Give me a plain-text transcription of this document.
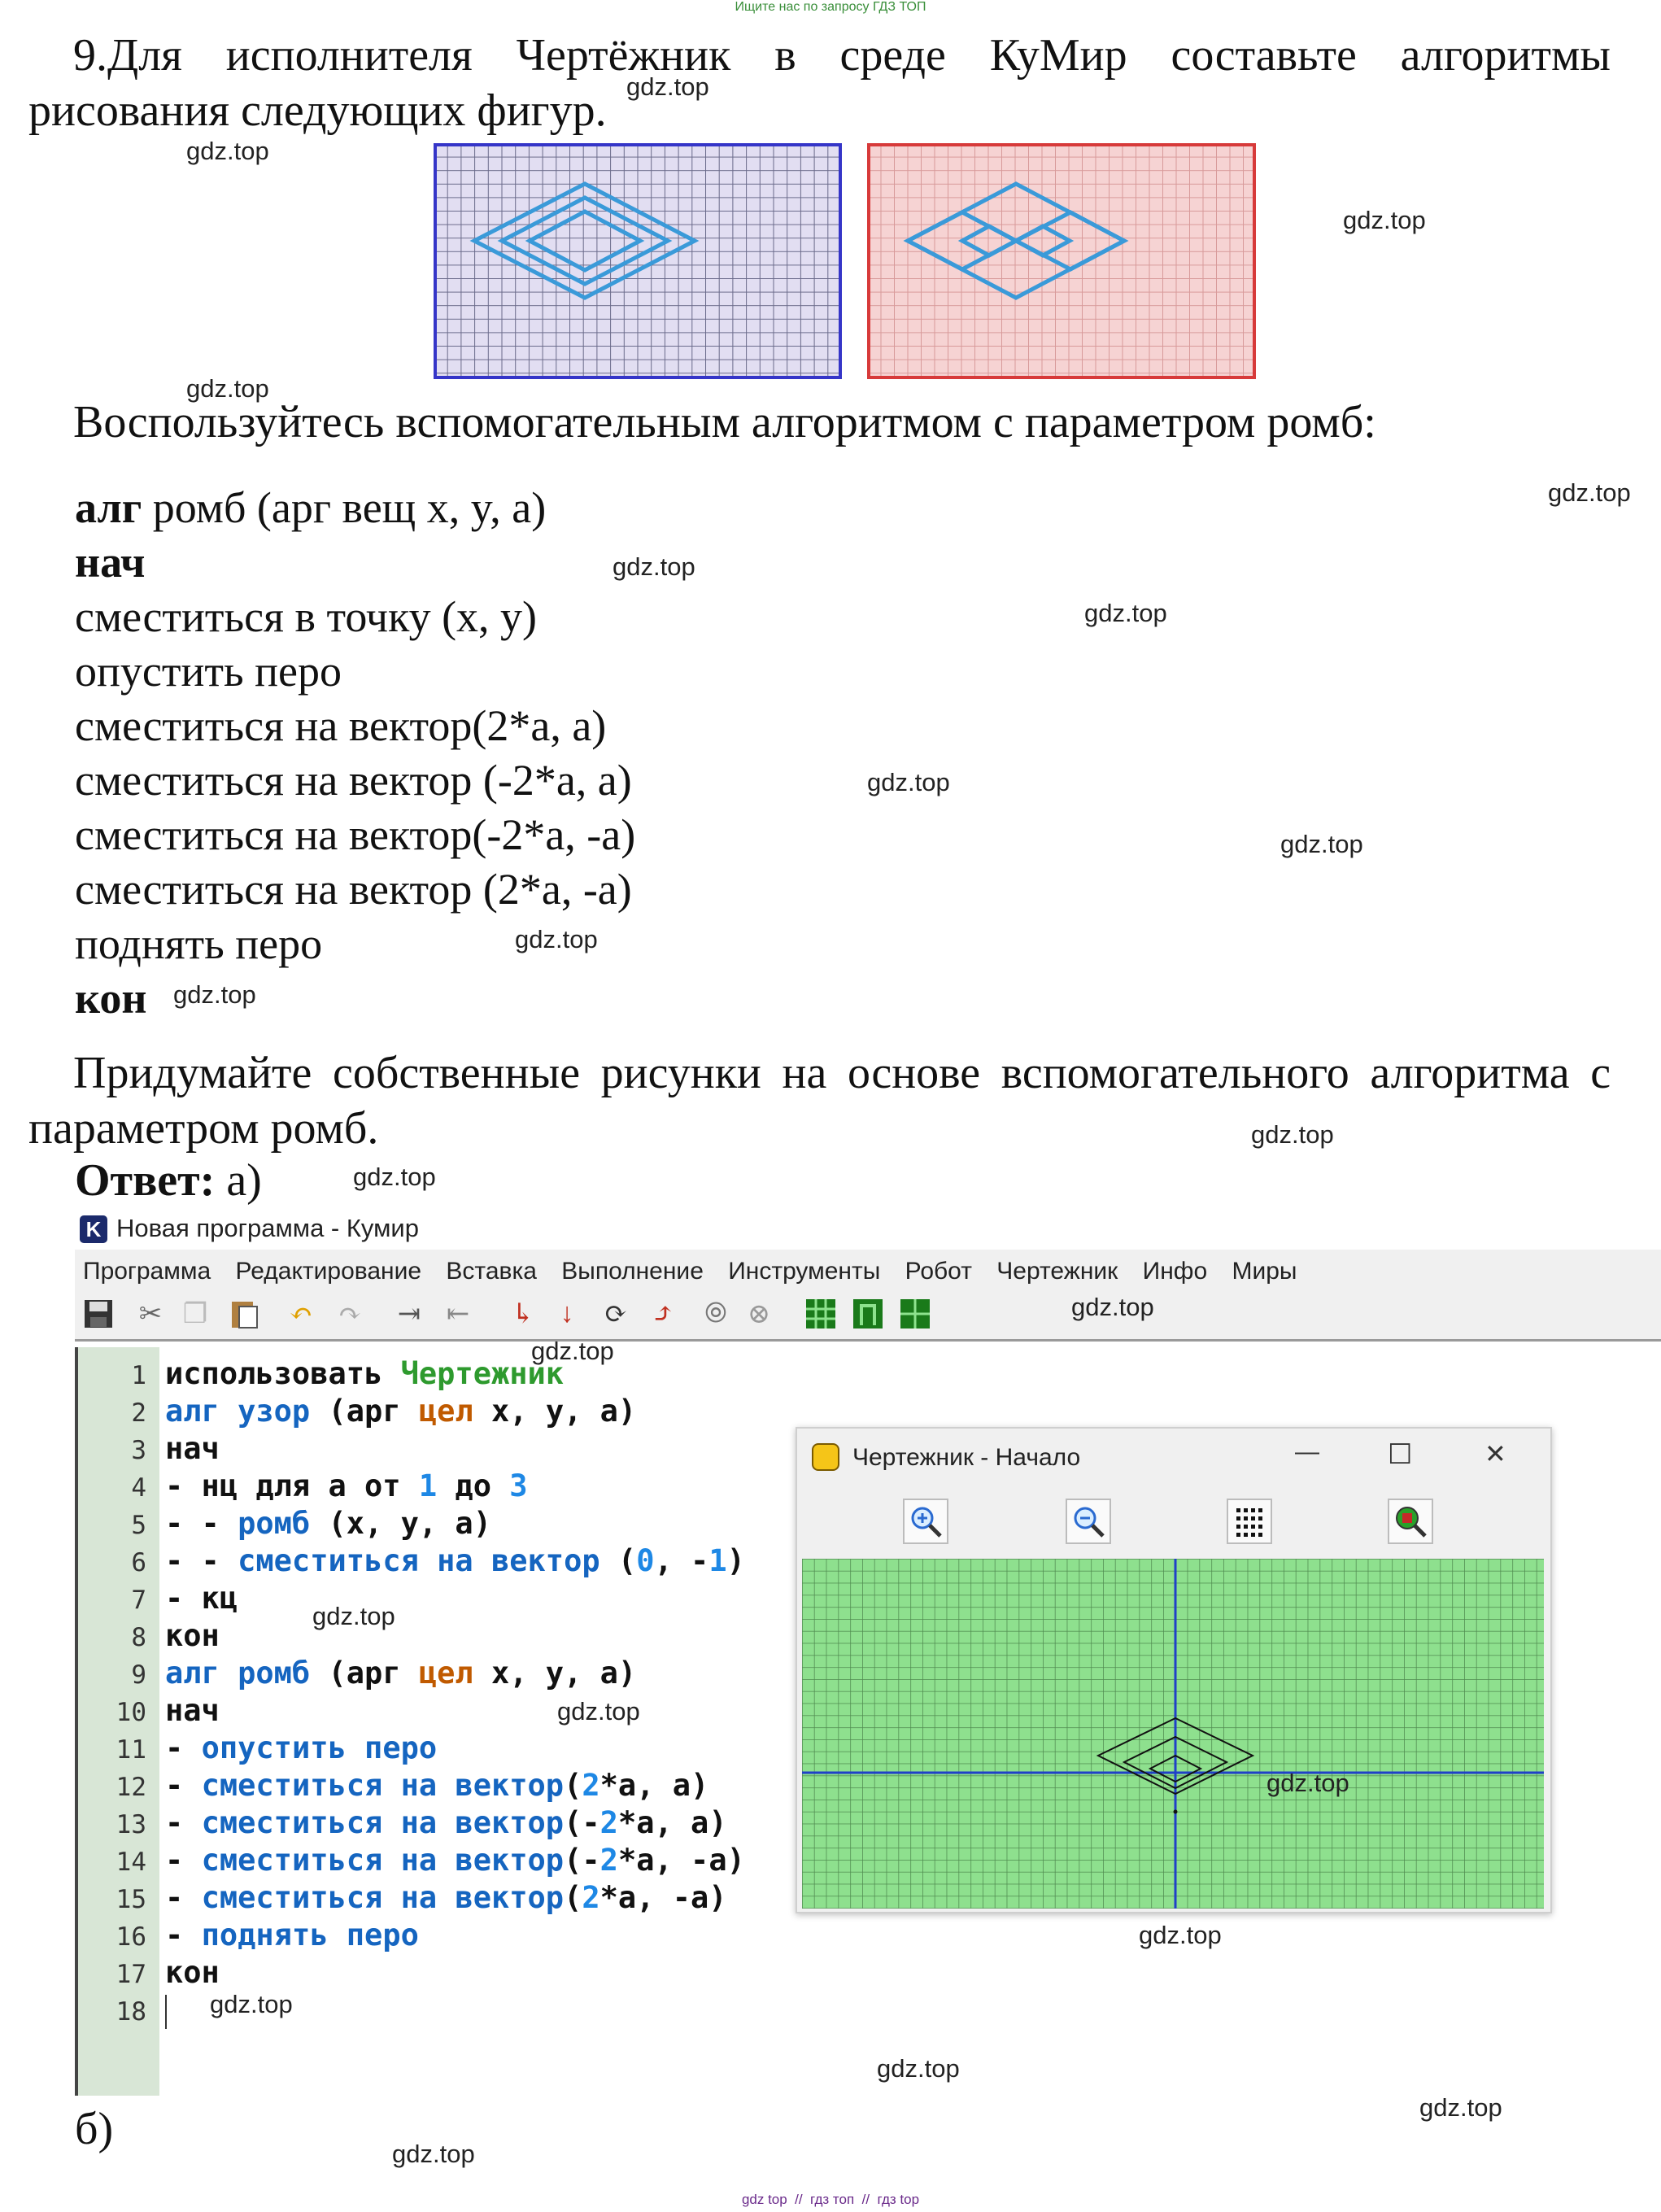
Ищите нас по запросу ГДЗ ТОП
9.Для исполнителя Чертёжник в среде КуМир составьте алгоритмы
рисования следующих фигур.
Воспользуйтесь вспомогательным алгоритмом с параметром ромб:
алг ромб (арг вещ x, y, a)
нач
сместиться в точку (x, y)
опустить перо
сместиться на вектор(2*a, a)
сместиться на вектор (-2*a, a)
сместиться на вектор(-2*a, -a)
сместиться на вектор (2*a, -a)
поднять перо
кон
Придумайте собственные рисунки на основе вспомогательного алгоритма с
параметром ромб.
Ответ: а)
K Новая программа - Кумир
Программа Редактирование Вставка Выполнение Инструменты Робот Чертежник Инфо Миры
✂ ❐	↶ ↷	⇥ ⇤	↳ ↓	⟳ ⤴	⦾ ⊗
1
2
3
4
5
6
7
8
9
10
11
12
13
14
15
16
17
18
использовать Чертежник
алг узор (арг цел x, y, a)
нач
- нц для a от 1 до 3
- - ромб (x, y, a)
- - сместиться на вектор (0, -1)
- кц
кон
алг ромб (арг цел x, y, a)
нач
- опустить перо
- сместиться на вектор(2*a, a)
- сместиться на вектор(-2*a, a)
- сместиться на вектор(-2*a, -a)
- сместиться на вектор(2*a, -a)
- поднять перо
кон
Чертежник - Начало	— ☐	✕
б)
gdz.top
gdz.top
gdz.top
gdz.top
gdz.top
gdz.top
gdz.top
gdz.top
gdz.top
gdz.top
gdz.top
gdz.top
gdz.top
gdz.top
gdz.top
gdz.top
gdz.top
gdz.top
gdz.top
gdz.top
gdz.top
gdz.top
gdz.top
gdz top  //  гдз топ  //  гдз top
